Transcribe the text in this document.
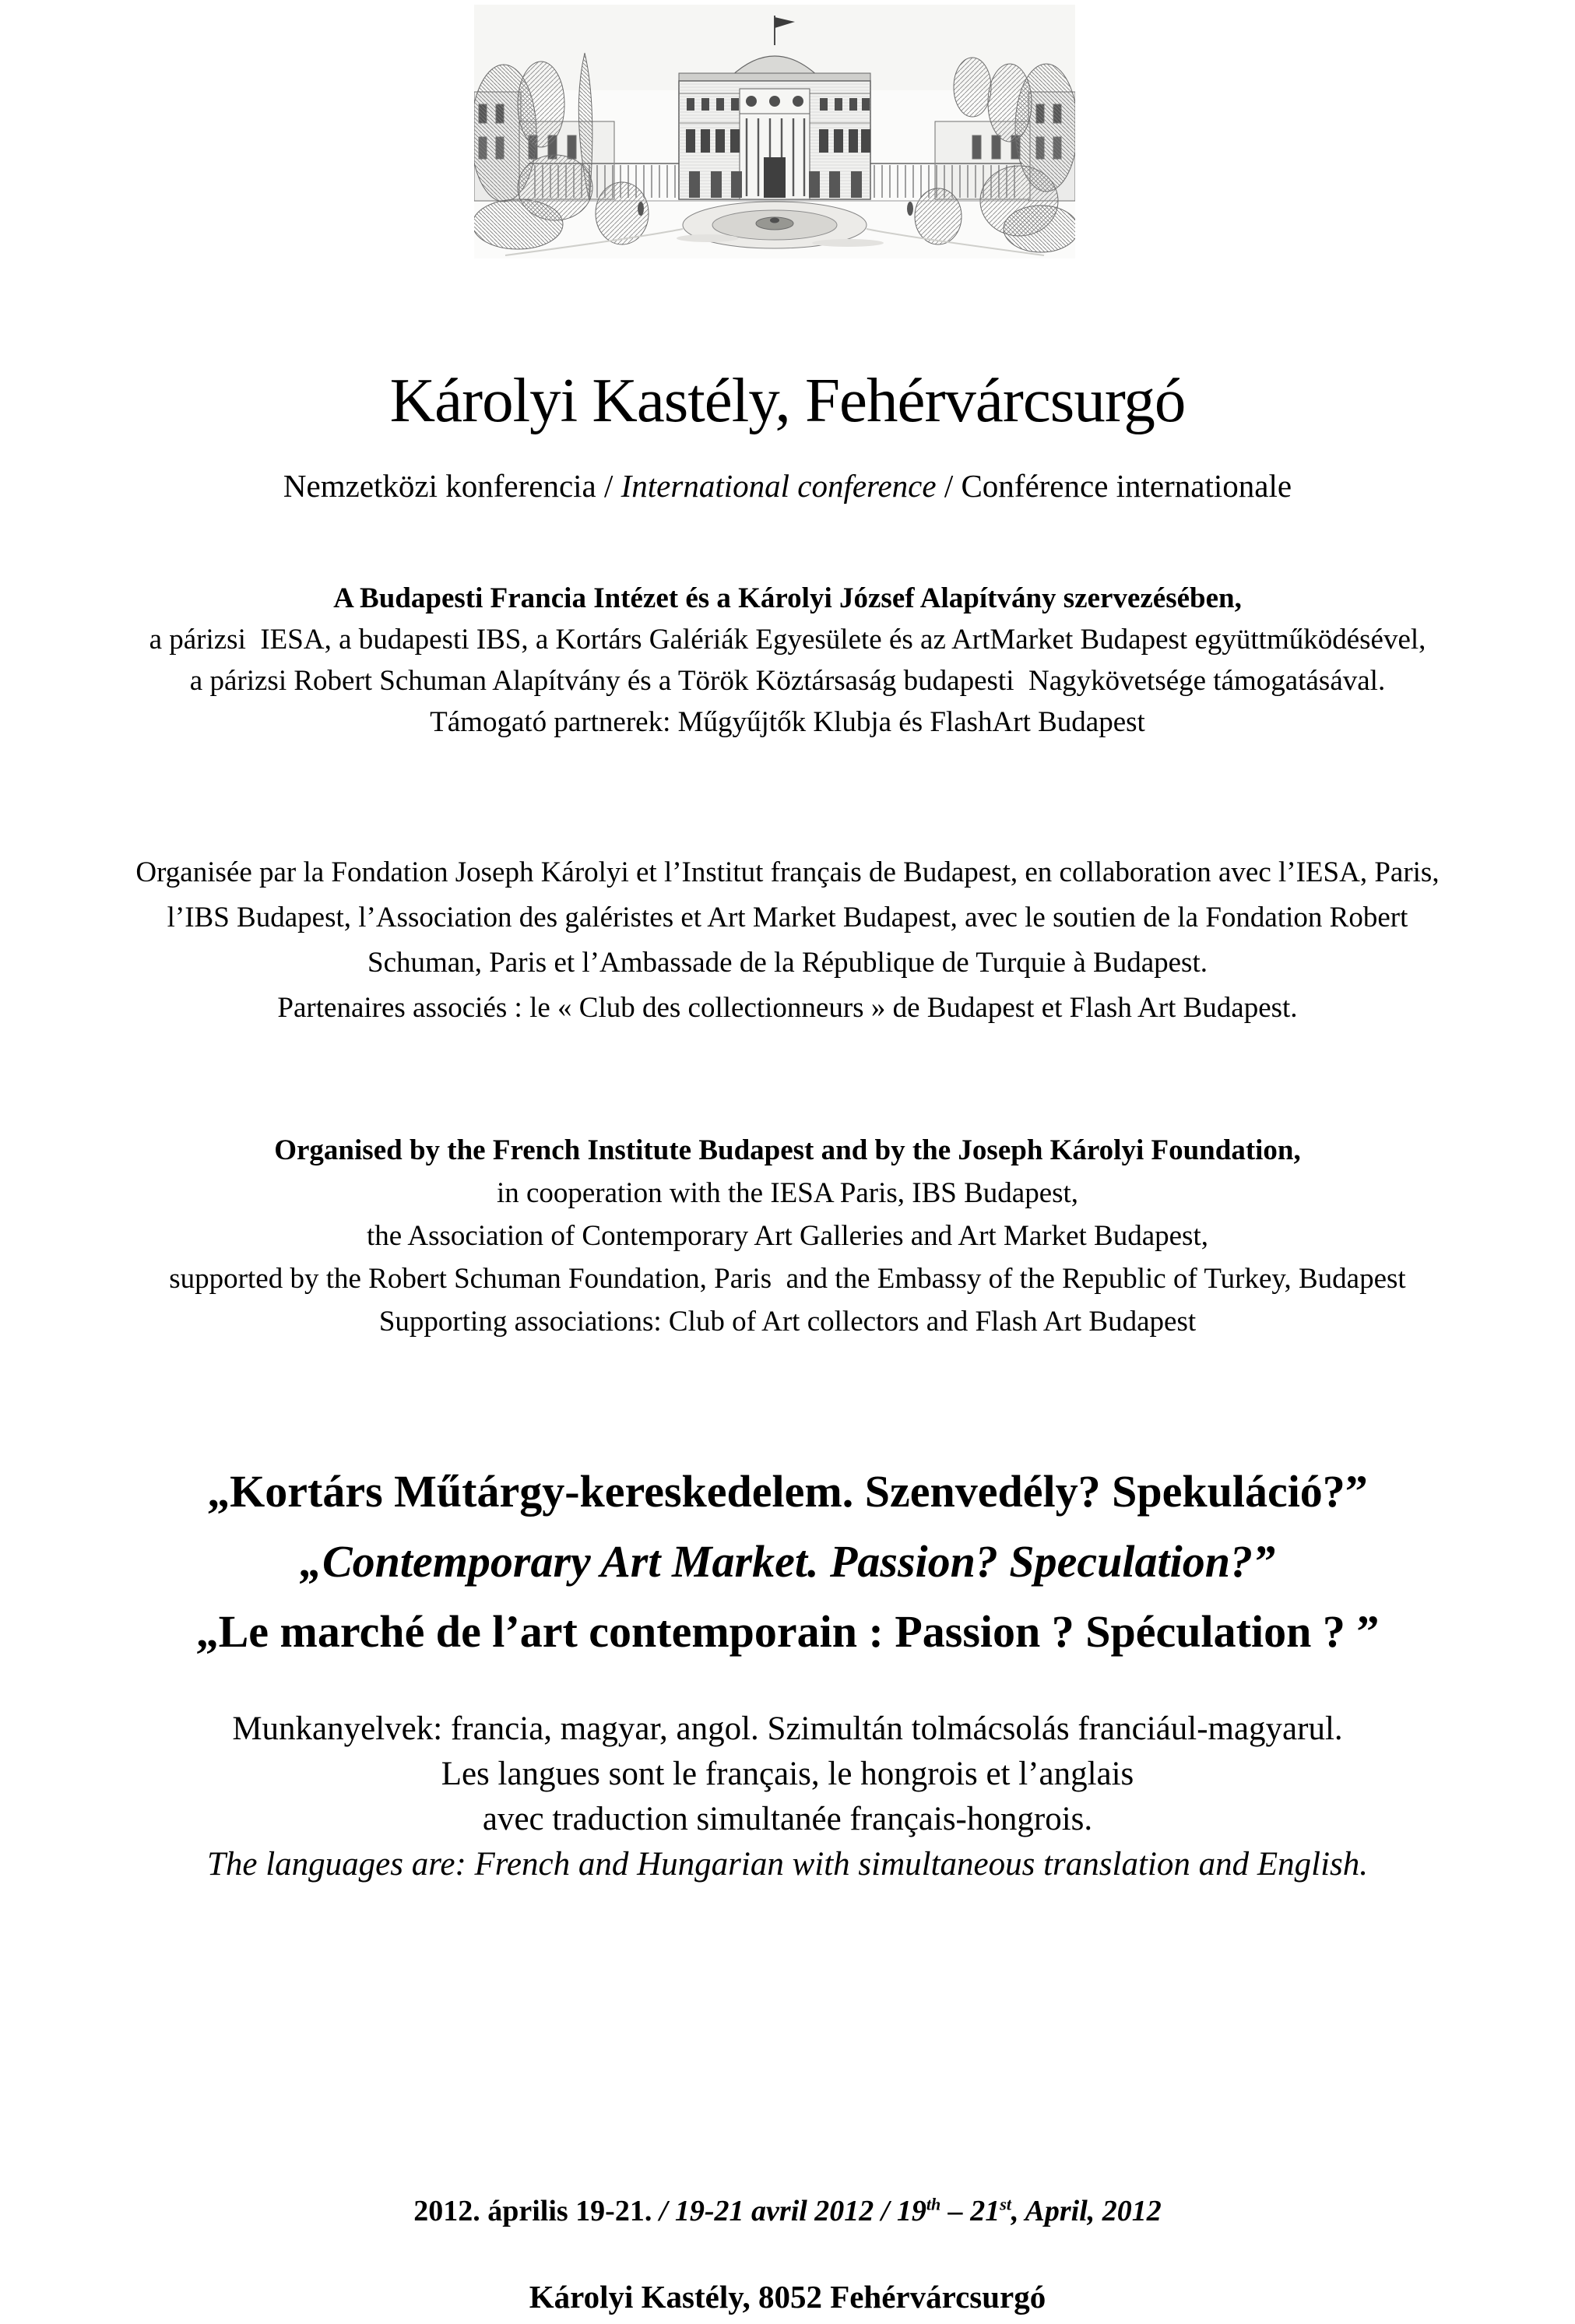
Károlyi Kastély, Fehérvárcsurgó
Nemzetközi konferencia / International conference / Conférence internationale
A Budapesti Francia Intézet és a Károlyi József Alapítvány szervezésében,
a párizsi  IESA, a budapesti IBS, a Kortárs Galériák Egyesülete és az ArtMarket Budapest együttműködésével,
a párizsi Robert Schuman Alapítvány és a Török Köztársaság budapesti  Nagykövetsége támogatásával.
Támogató partnerek: Műgyűjtők Klubja és FlashArt Budapest
Organisée par la Fondation Joseph Károlyi et l’Institut français de Budapest, en collaboration avec l’IESA, Paris,
l’IBS Budapest, l’Association des galéristes et Art Market Budapest, avec le soutien de la Fondation Robert
Schuman, Paris et l’Ambassade de la République de Turquie à Budapest.
Partenaires associés : le « Club des collectionneurs » de Budapest et Flash Art Budapest.
Organised by the French Institute Budapest and by the Joseph Károlyi Foundation,
in cooperation with the IESA Paris, IBS Budapest,
the Association of Contemporary Art Galleries and Art Market Budapest,
supported by the Robert Schuman Foundation, Paris  and the Embassy of the Republic of Turkey, Budapest
Supporting associations: Club of Art collectors and Flash Art Budapest
„Kortárs Műtárgy-kereskedelem. Szenvedély? Spekuláció?”
„Contemporary Art Market. Passion? Speculation?”
„Le marché de l’art contemporain : Passion ? Spéculation ? ”
Munkanyelvek: francia, magyar, angol. Szimultán tolmácsolás franciául-magyarul.
Les langues sont le français, le hongrois et l’anglais
avec traduction simultanée français-hongrois.
The languages are: French and Hungarian with simultaneous translation and English.
2012. április 19-21. / 19-21 avril 2012 / 19th – 21st, April, 2012
Károlyi Kastély, 8052 Fehérvárcsurgó
